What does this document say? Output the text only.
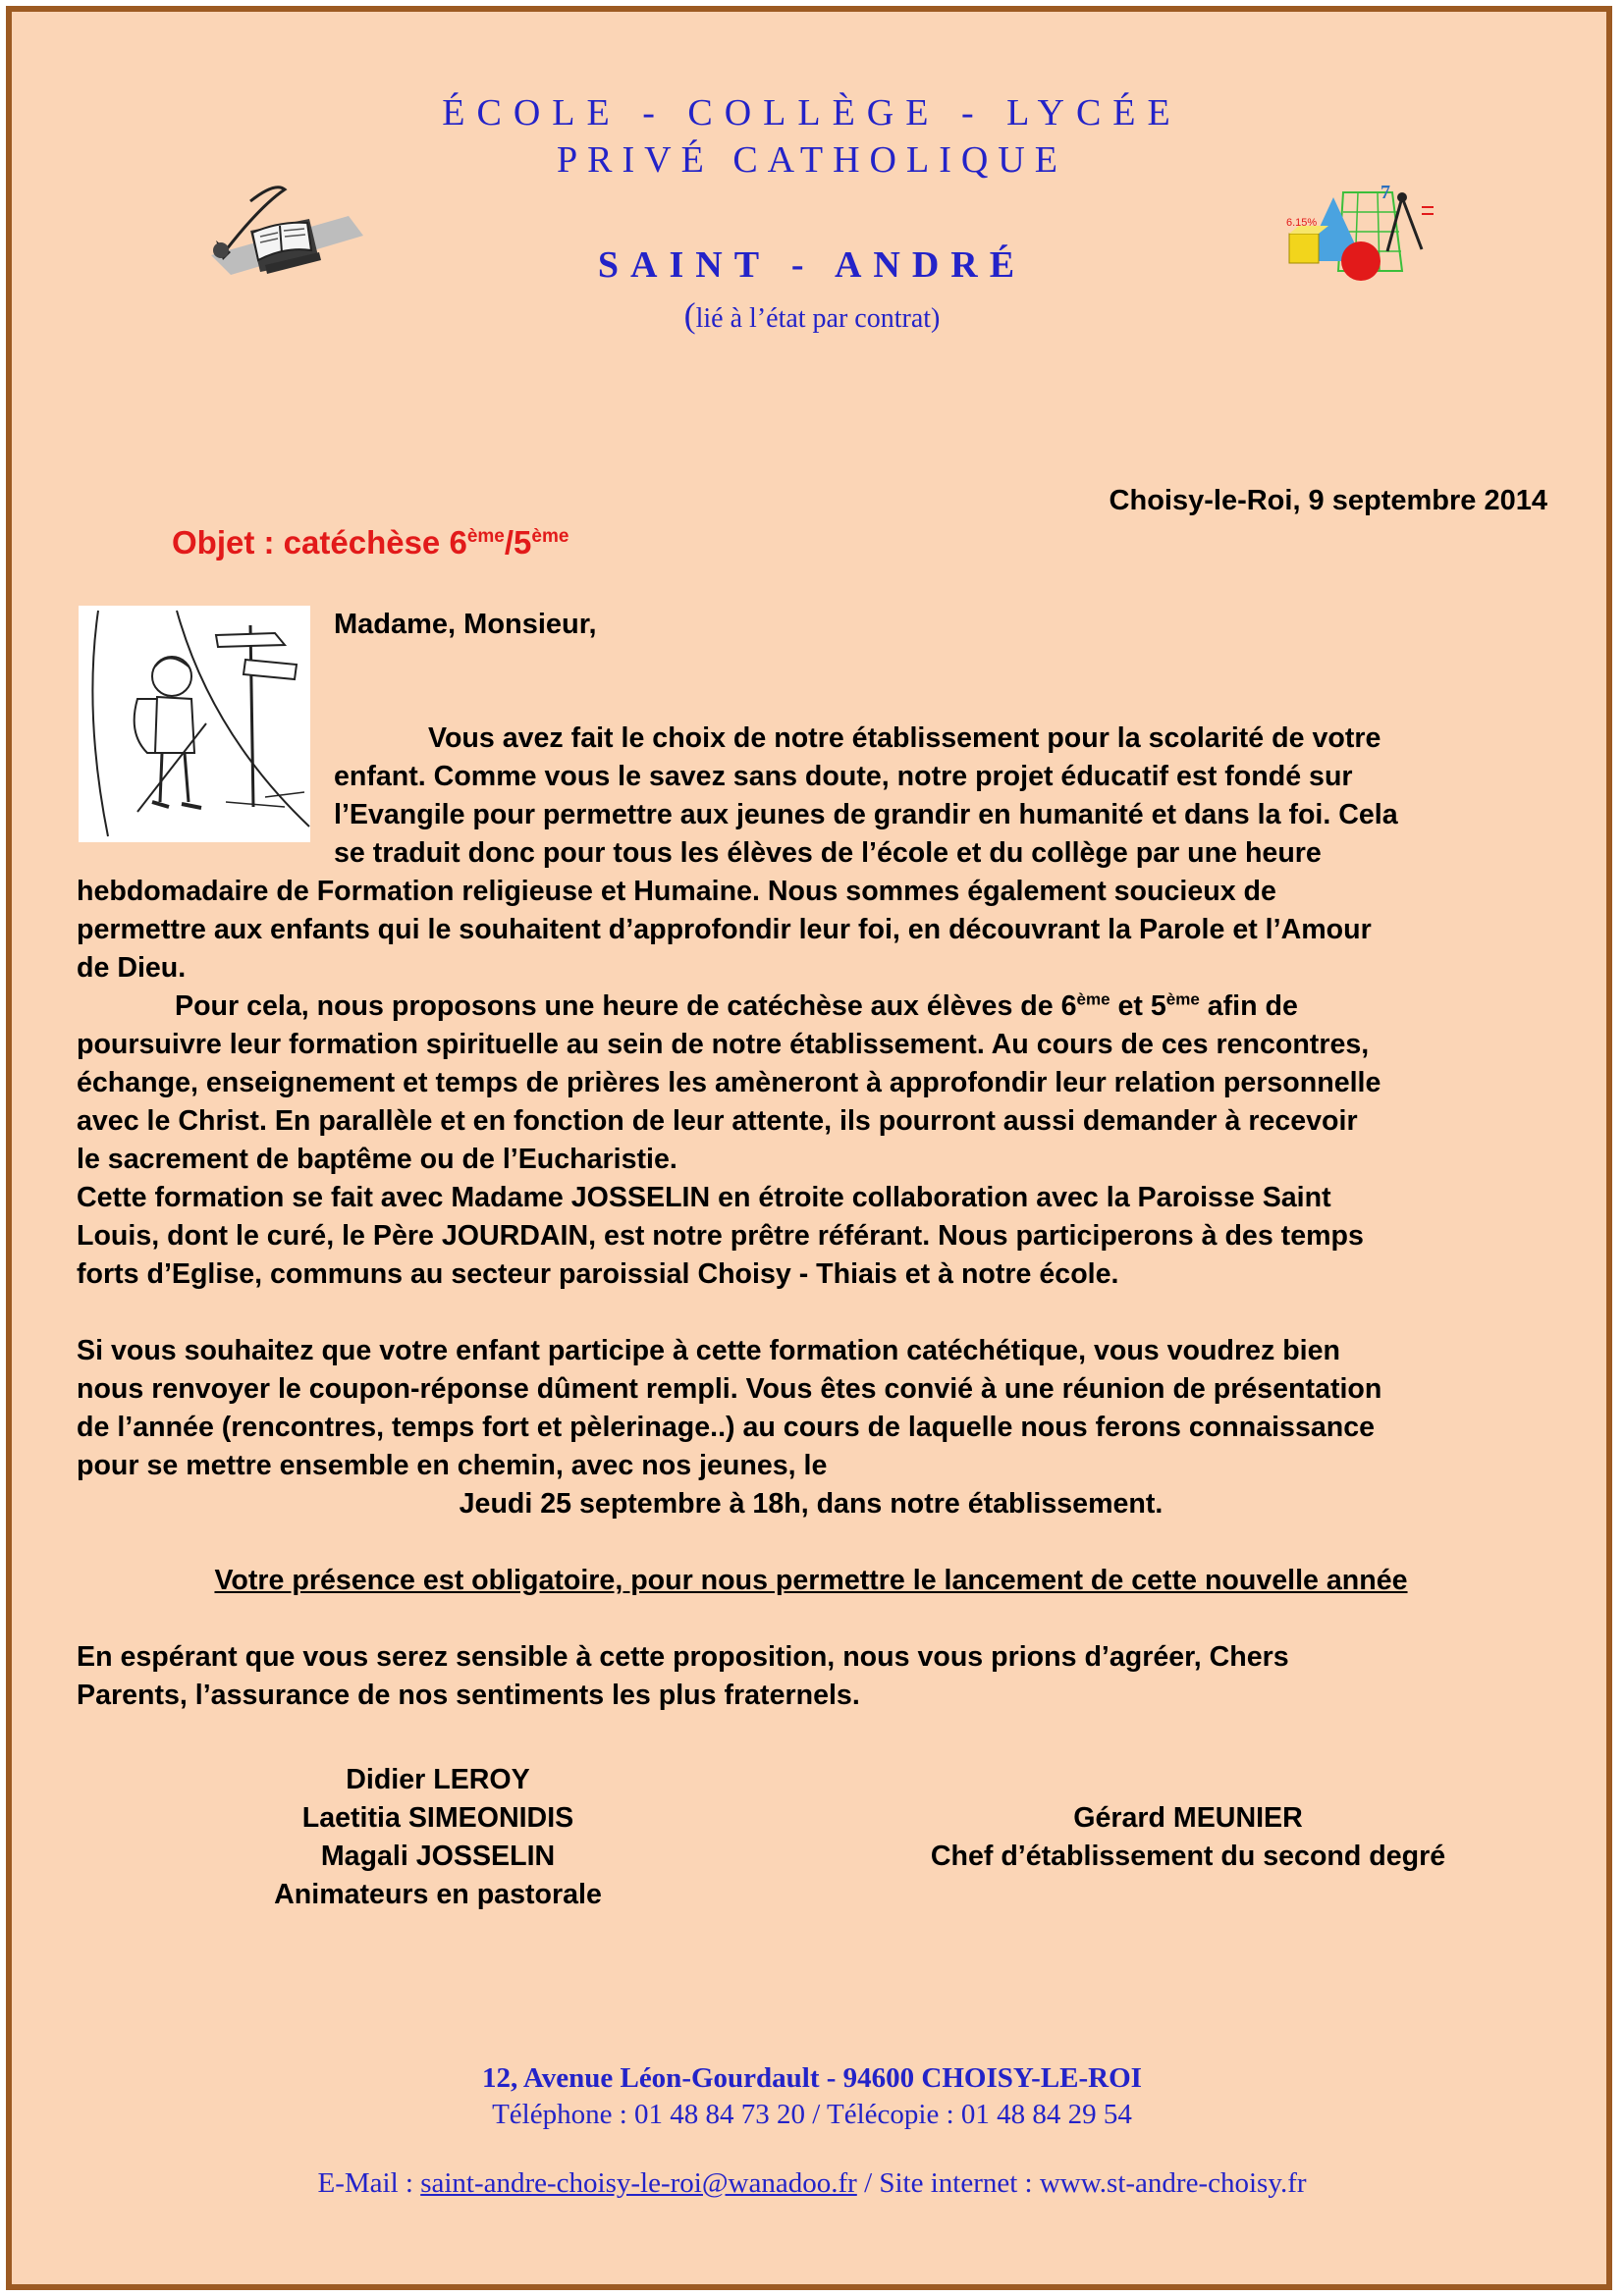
ÉCOLE - COLLÈGE - LYCÉE
PRIVÉ CATHOLIQUE
SAINT - ANDRÉ
(lié à l’état par contrat)
7
6.15%
Choisy-le-Roi, 9 septembre 2014
Objet : catéchèse 6ème/5ème
Madame, Monsieur,
Vous avez fait le choix de notre établissement pour la scolarité de votre
enfant. Comme vous le savez sans doute, notre projet éducatif est fondé sur
l’Evangile pour permettre aux jeunes de grandir en humanité et dans la foi. Cela
se traduit donc pour tous les élèves de l’école et du collège par une heure
hebdomadaire de Formation religieuse et Humaine. Nous sommes également soucieux de
permettre aux enfants qui le souhaitent d’approfondir leur foi, en découvrant la Parole et l’Amour
de Dieu.
Pour cela, nous proposons une heure de catéchèse aux élèves de 6ème et 5ème afin de
poursuivre leur formation spirituelle au sein de notre établissement. Au cours de ces rencontres,
échange, enseignement et temps de prières les amèneront à approfondir leur relation personnelle
avec le Christ. En parallèle et en fonction de leur attente, ils pourront aussi demander à recevoir
le sacrement de baptême ou de l’Eucharistie.
Cette formation se fait avec Madame JOSSELIN en étroite collaboration avec la Paroisse Saint
Louis, dont le curé, le Père JOURDAIN, est notre prêtre référant. Nous participerons à des temps
forts d’Eglise, communs au secteur paroissial Choisy - Thiais et à notre école.

Si vous souhaitez que votre enfant participe à cette formation catéchétique, vous voudrez bien
nous renvoyer le coupon-réponse dûment rempli. Vous êtes convié à une réunion de présentation
de l’année (rencontres, temps fort et pèlerinage..) au cours de laquelle nous ferons connaissance
pour se mettre ensemble en chemin, avec nos jeunes, le
Jeudi 25 septembre à 18h, dans notre établissement.

Votre présence est obligatoire, pour nous permettre le lancement de cette nouvelle année

En espérant que vous serez sensible à cette proposition, nous vous prions d’agréer, Chers
Parents, l’assurance de nos sentiments les plus fraternels.
Didier LEROY
Laetitia SIMEONIDIS
Magali JOSSELIN
Animateurs en pastorale
Gérard MEUNIER
Chef d’établissement du second degré
12, Avenue Léon-Gourdault - 94600 CHOISY-LE-ROI
Téléphone : 01 48 84 73 20 / Télécopie : 01 48 84 29 54
E-Mail : saint-andre-choisy-le-roi@wanadoo.fr / Site internet : www.st-andre-choisy.fr
